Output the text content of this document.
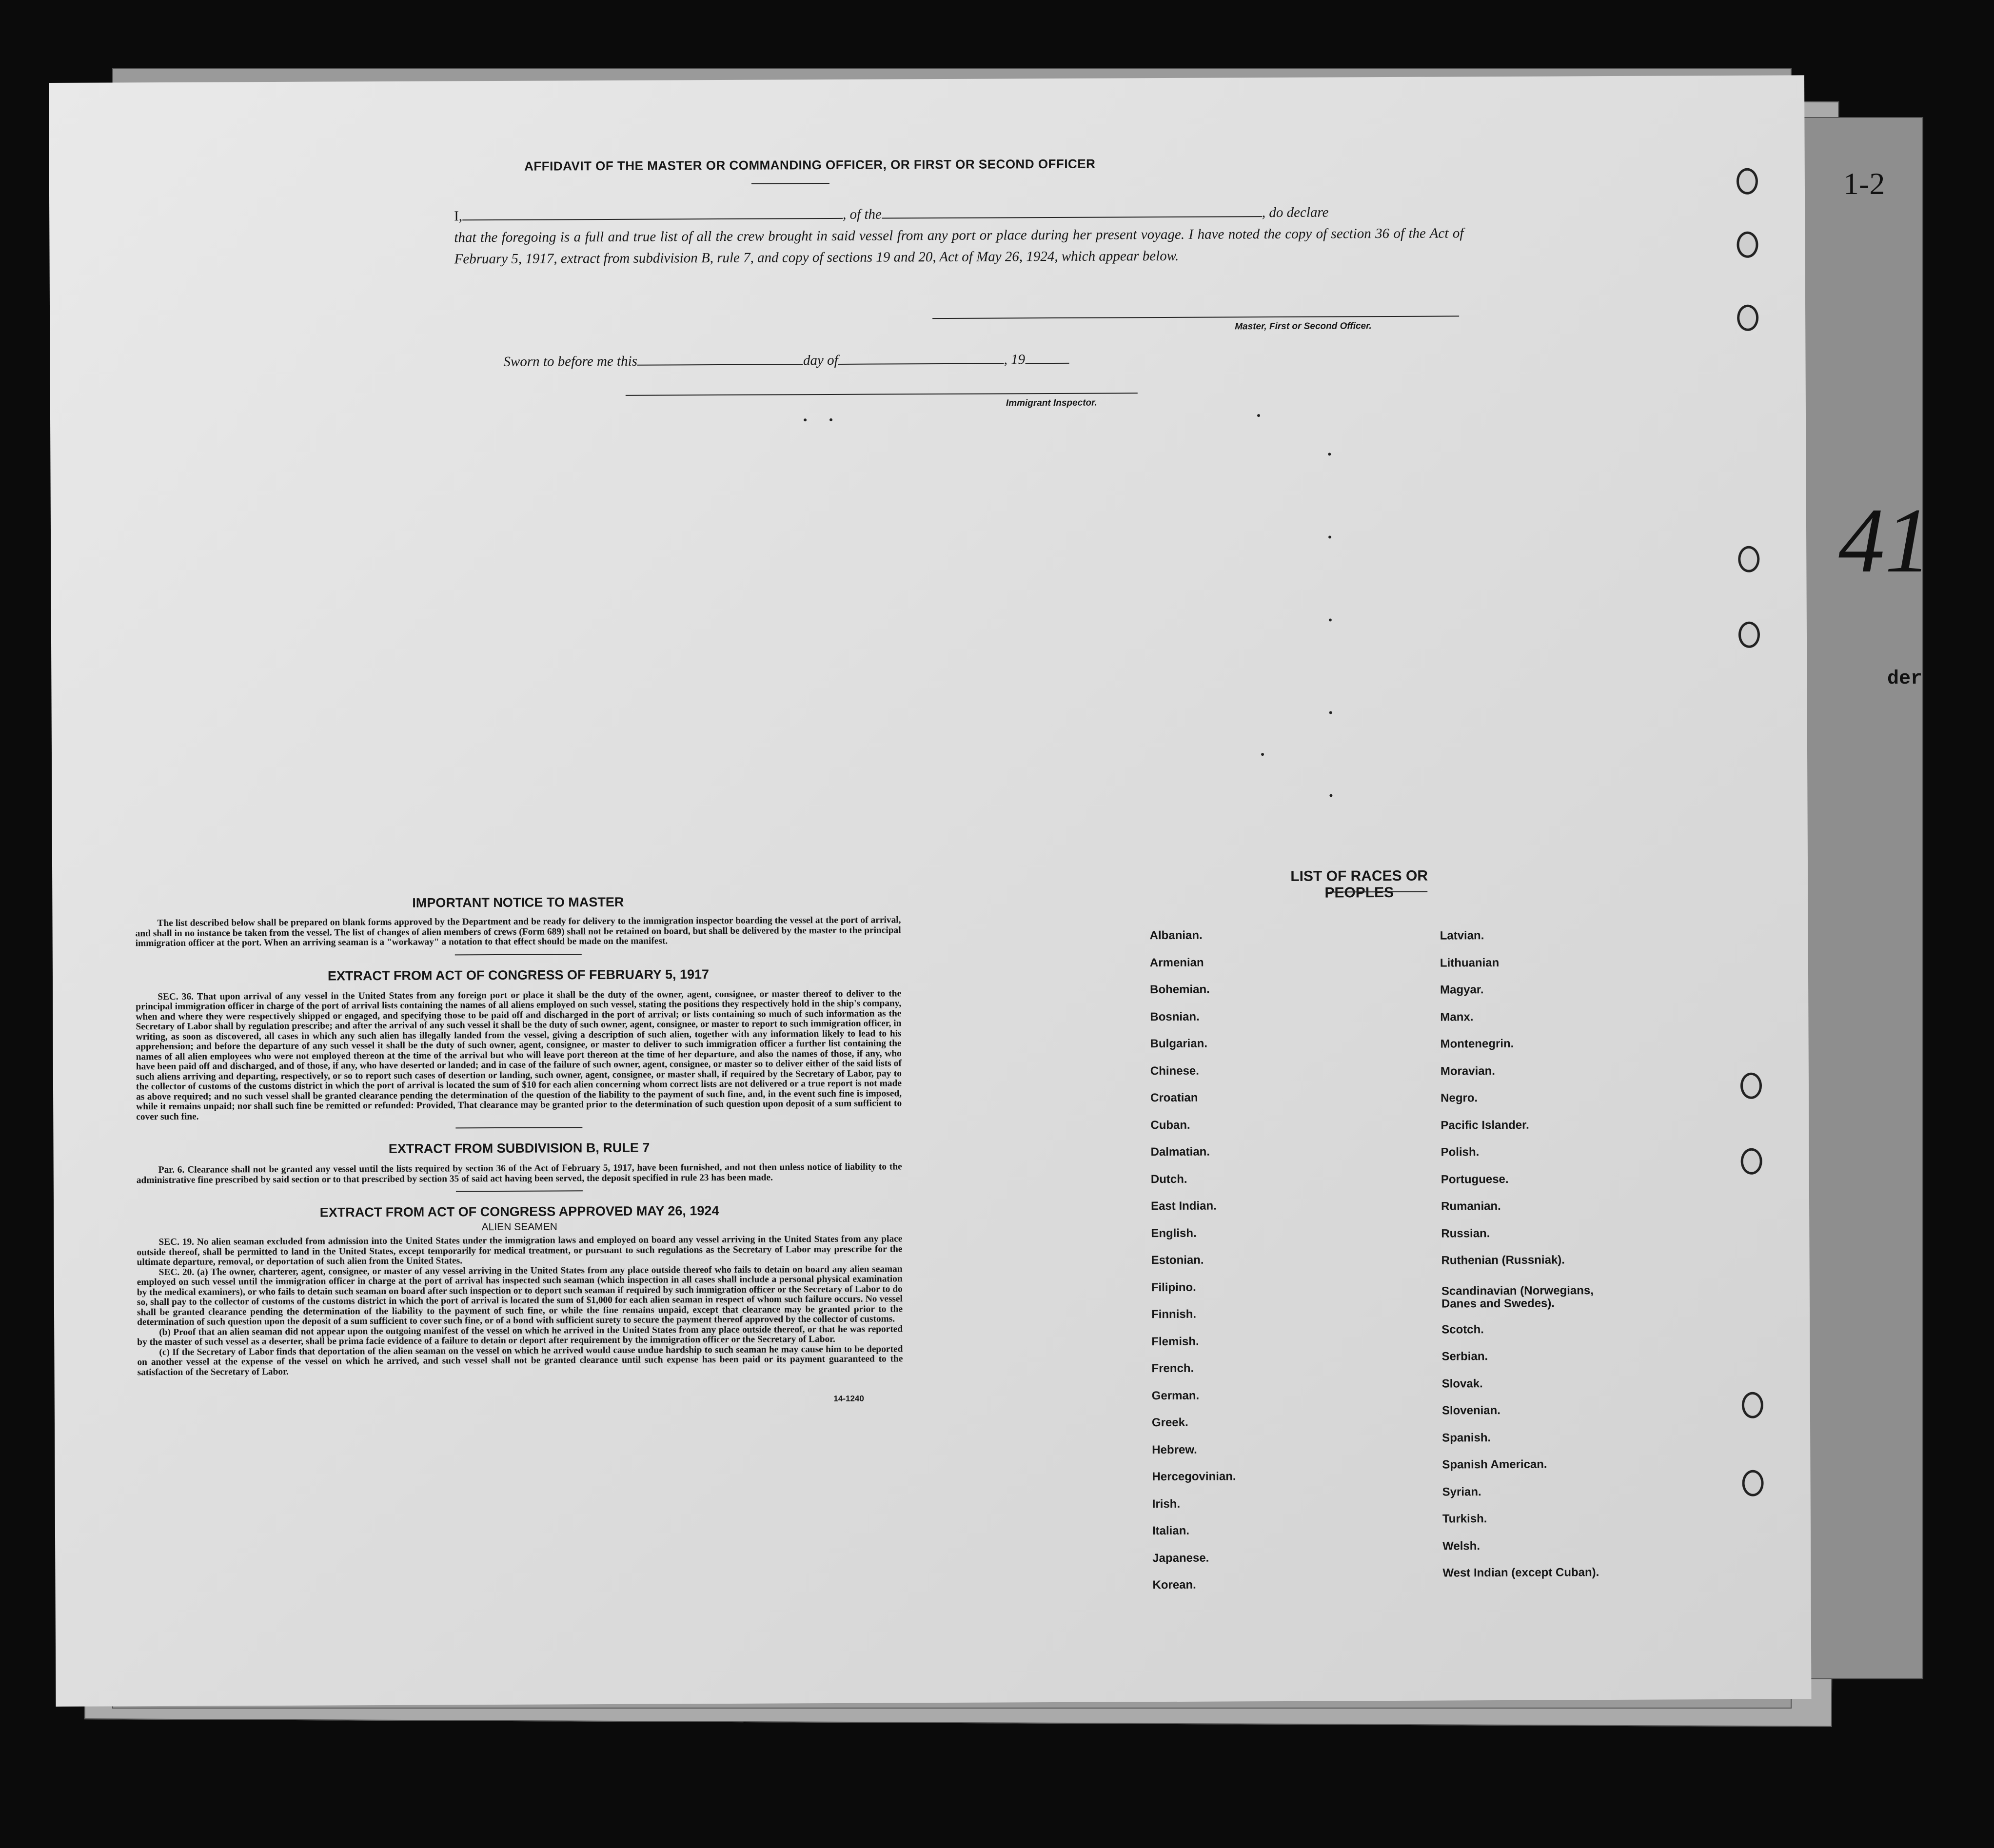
1-2
41
der
AFFIDAVIT OF THE MASTER OR COMMANDING OFFICER, OR FIRST OR SECOND OFFICER
I,	, of the	, do declare
that the foregoing is a full and true list of all the crew brought in said vessel from any port or place during her present voyage. I have noted the copy of section 36 of the Act of February 5, 1917, extract from subdivision B, rule 7, and copy of sections 19 and 20, Act of May 26, 1924, which appear below.
Master, First or Second Officer.
Sworn to before me this	day of	, 19
Immigrant Inspector.
IMPORTANT NOTICE TO MASTER

The list described below shall be prepared on blank forms approved by the Department and be ready for delivery to the immigration inspector boarding the vessel at the port of arrival, and shall in no instance be taken from the vessel. The list of changes of alien members of crews (Form 689) shall not be retained on board, but shall be delivered by the master to the principal immigration officer at the port. When an arriving seaman is a "workaway" a notation to that effect should be made on the manifest.

EXTRACT FROM ACT OF CONGRESS OF FEBRUARY 5, 1917

SEC. 36. That upon arrival of any vessel in the United States from any foreign port or place it shall be the duty of the owner, agent, consignee, or master thereof to deliver to the principal immigration officer in charge of the port of arrival lists containing the names of all aliens employed on such vessel, stating the positions they respectively hold in the ship's company, when and where they were respectively shipped or engaged, and specifying those to be paid off and discharged in the port of arrival; or lists containing so much of such information as the Secretary of Labor shall by regulation prescribe; and after the arrival of any such vessel it shall be the duty of such owner, agent, consignee, or master to report to such immigration officer, in writing, as soon as discovered, all cases in which any such alien has illegally landed from the vessel, giving a description of such alien, together with any information likely to lead to his apprehension; and before the departure of any such vessel it shall be the duty of such owner, agent, consignee, or master to deliver to such immigration officer a further list containing the names of all alien employees who were not employed thereon at the time of the arrival but who will leave port thereon at the time of her departure, and also the names of those, if any, who have been paid off and discharged, and of those, if any, who have deserted or landed; and in case of the failure of such owner, agent, consignee, or master so to deliver either of the said lists of such aliens arriving and departing, respectively, or so to report such cases of desertion or landing, such owner, agent, consignee, or master shall, if required by the Secretary of Labor, pay to the collector of customs of the customs district in which the port of arrival is located the sum of $10 for each alien concerning whom correct lists are not delivered or a true report is not made as above required; and no such vessel shall be granted clearance pending the determination of the question of the liability to the payment of such fine, and, in the event such fine is imposed, while it remains unpaid; nor shall such fine be remitted or refunded: Provided, That clearance may be granted prior to the determination of such question upon deposit of a sum sufficient to cover such fine.

EXTRACT FROM SUBDIVISION B, RULE 7

Par. 6. Clearance shall not be granted any vessel until the lists required by section 36 of the Act of February 5, 1917, have been furnished, and not then unless notice of liability to the administrative fine prescribed by said section or to that prescribed by section 35 of said act having been served, the deposit specified in rule 23 has been made.

EXTRACT FROM ACT OF CONGRESS APPROVED MAY 26, 1924
ALIEN SEAMEN

SEC. 19. No alien seaman excluded from admission into the United States under the immigration laws and employed on board any vessel arriving in the United States from any place outside thereof, shall be permitted to land in the United States, except temporarily for medical treatment, or pursuant to such regulations as the Secretary of Labor may prescribe for the ultimate departure, removal, or deportation of such alien from the United States.

SEC. 20. (a) The owner, charterer, agent, consignee, or master of any vessel arriving in the United States from any place outside thereof who fails to detain on board any alien seaman employed on such vessel until the immigration officer in charge at the port of arrival has inspected such seaman (which inspection in all cases shall include a personal physical examination by the medical examiners), or who fails to detain such seaman on board after such inspection or to deport such seaman if required by such immigration officer or the Secretary of Labor to do so, shall pay to the collector of customs of the customs district in which the port of arrival is located the sum of $1,000 for each alien seaman in respect of whom such failure occurs. No vessel shall be granted clearance pending the determination of the liability to the payment of such fine, or while the fine remains unpaid, except that clearance may be granted prior to the determination of such question upon the deposit of a sum sufficient to cover such fine, or of a bond with sufficient surety to secure the payment thereof approved by the collector of customs.

(b) Proof that an alien seaman did not appear upon the outgoing manifest of the vessel on which he arrived in the United States from any place outside thereof, or that he was reported by the master of such vessel as a deserter, shall be prima facie evidence of a failure to detain or deport after requirement by the immigration officer or the Secretary of Labor.

(c) If the Secretary of Labor finds that deportation of the alien seaman on the vessel on which he arrived would cause undue hardship to such seaman he may cause him to be deported on another vessel at the expense of the vessel on which he arrived, and such vessel shall not be granted clearance until such expense has been paid or its payment guaranteed to the satisfaction of the Secretary of Labor.

14-1240
LIST OF RACES OR PEOPLES
Albanian.
Armenian
Bohemian.
Bosnian.
Bulgarian.
Chinese.
Croatian
Cuban.
Dalmatian.
Dutch.
East Indian.
English.
Estonian.
Filipino.
Finnish.
Flemish.
French.
German.
Greek.
Hebrew.
Hercegovinian.
Irish.
Italian.
Japanese.
Korean.
Latvian.
Lithuanian
Magyar.
Manx.
Montenegrin.
Moravian.
Negro.
Pacific Islander.
Polish.
Portuguese.
Rumanian.
Russian.
Ruthenian (Russniak).
Scandinavian (Norwegians, Danes and Swedes).
Scotch.
Serbian.
Slovak.
Slovenian.
Spanish.
Spanish American.
Syrian.
Turkish.
Welsh.
West Indian (except Cuban).
